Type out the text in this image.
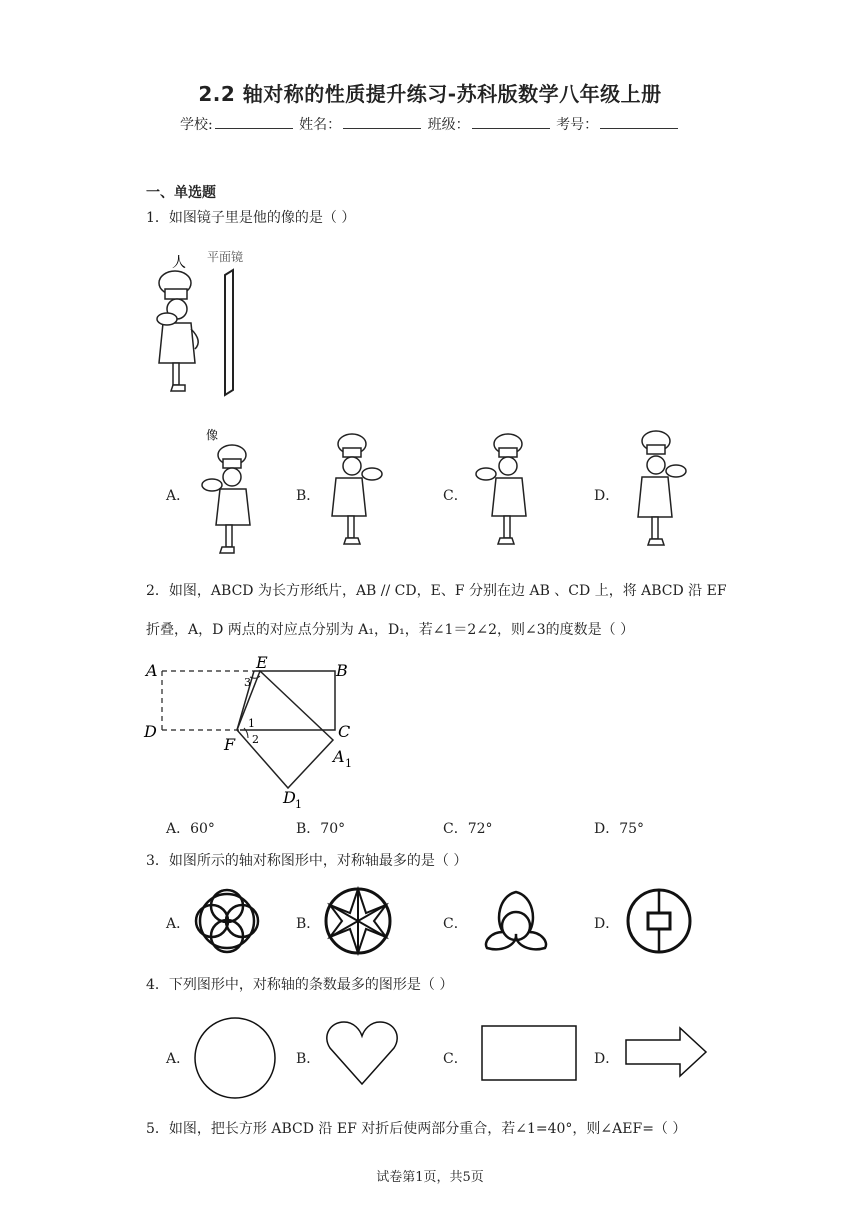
2.2 轴对称的性质提升练习-苏科版数学八年级上册
学校:	姓名：	班级：	考号：
一、单选题
1．如图镜子里是他的像的是（ ）
人 平面镜
像
A．	B．	C．	D．
2．如图，ABCD 为长方形纸片，AB // CD，E、F 分别在边 AB 、CD 上，将 ABCD 沿 EF
折叠，A，D 两点的对应点分别为 A₁，D₁，若∠1＝2∠2，则∠3的度数是（ ）
A	B
C
D
E
F
A 1
D 1
1
2
3
A．60°	B．70°	C．72°	D．75°
3．如图所示的轴对称图形中，对称轴最多的是（ ）
A．	B．	C．	D．
4．下列图形中，对称轴的条数最多的图形是（ ）
A．	B．	C．	D．
5．如图，把长方形 ABCD 沿 EF 对折后使两部分重合，若∠1=40°，则∠AEF=（ ）
试卷第1页，共5页
